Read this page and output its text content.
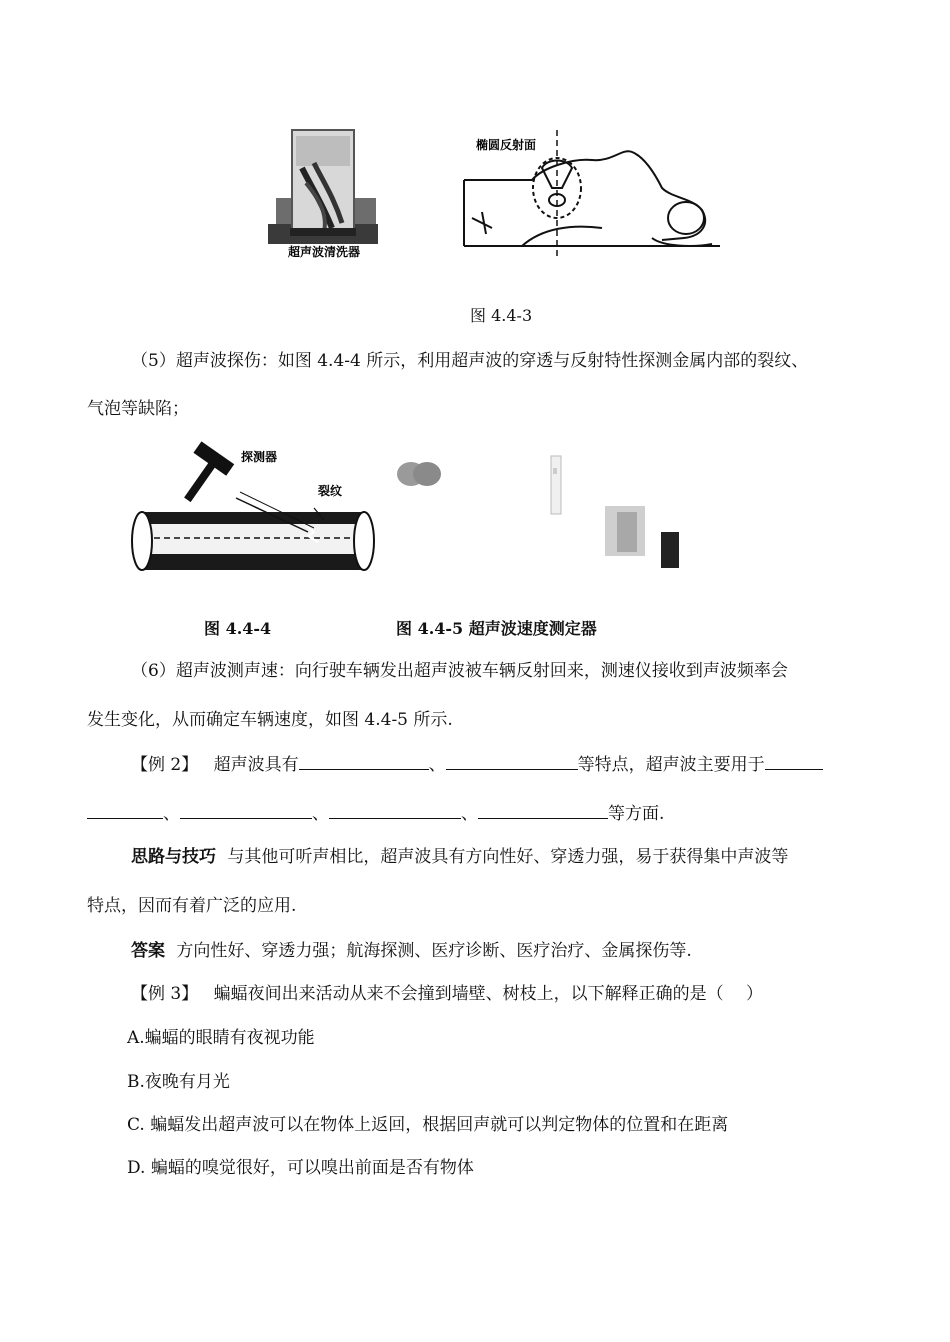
超声波清洗器
椭圆反射面
图 4.4-3
（5）超声波探伤：如图 4.4-4 所示，利用超声波的穿透与反射特性探测金属内部的裂纹、
气泡等缺陷；
探测器
裂纹
图 4.4-4	图 4.4-5 超声波速度测定器
（6）超声波测声速：向行驶车辆发出超声波被车辆反射回来，测速仪接收到声波频率会
发生变化，从而确定车辆速度，如图 4.4-5 所示.
【例 2】 超声波具有	、	等特点，超声波主要用于
、	、	、	等方面.
思路与技巧 与其他可听声相比，超声波具有方向性好、穿透力强，易于获得集中声波等
特点，因而有着广泛的应用.
答案 方向性好、穿透力强；航海探测、医疗诊断、医疗治疗、金属探伤等.
【例 3】 蝙蝠夜间出来活动从来不会撞到墙壁、树枝上，以下解释正确的是（　 ）
A.蝙蝠的眼睛有夜视功能
B.夜晚有月光
C. 蝙蝠发出超声波可以在物体上返回，根据回声就可以判定物体的位置和在距离
D. 蝙蝠的嗅觉很好，可以嗅出前面是否有物体
